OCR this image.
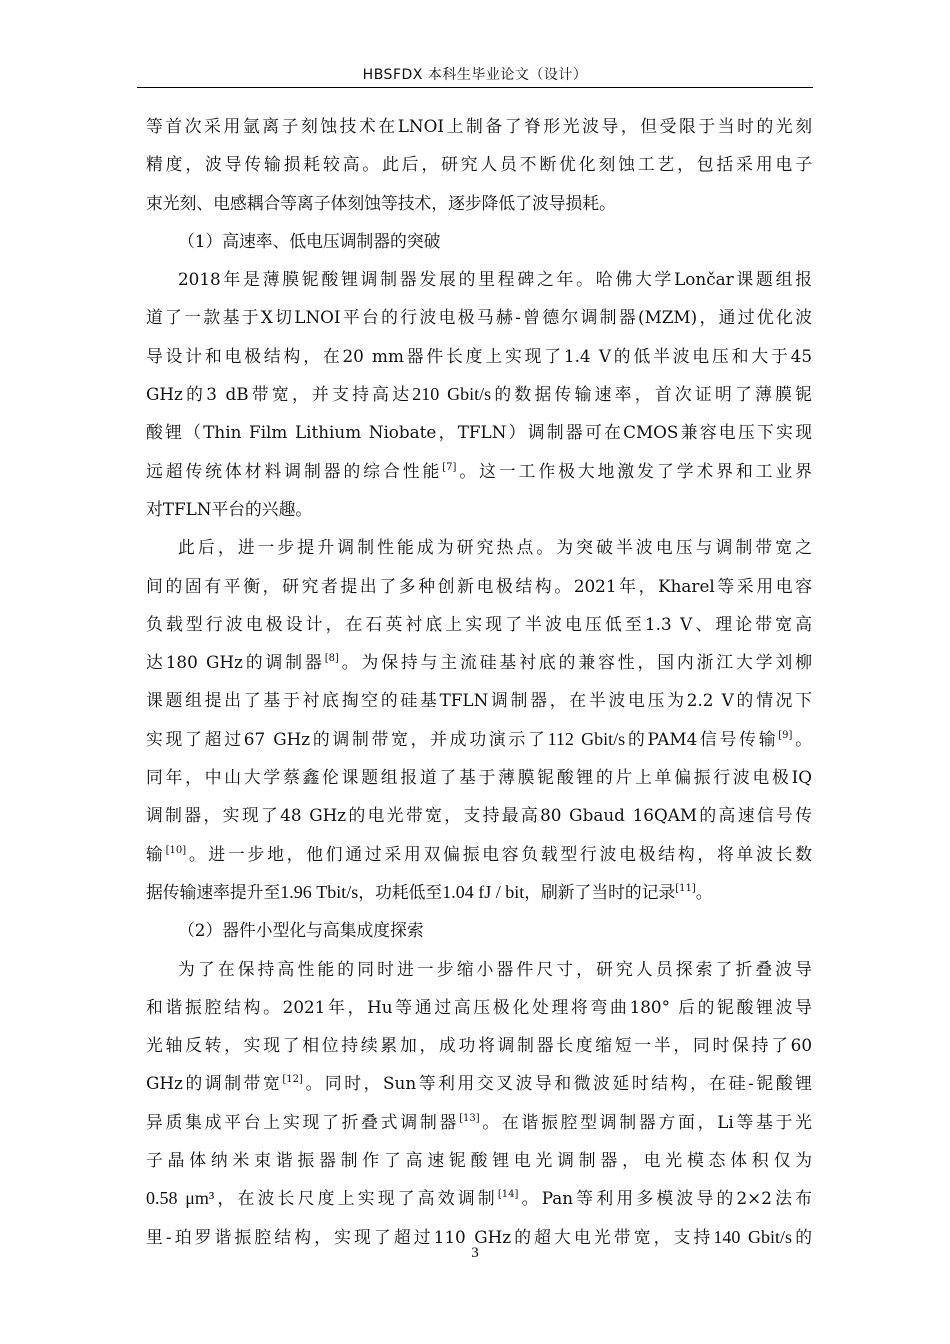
HBSFDX 本科生毕业论文（设计）
等首次采用氩离子刻蚀技术在LNOI上制备了脊形光波导，但受限于当时的光刻
精度，波导传输损耗较高。此后，研究人员不断优化刻蚀工艺，包括采用电子
束光刻、电感耦合等离子体刻蚀等技术，逐步降低了波导损耗。
（1）高速率、低电压调制器的突破
2018年是薄膜铌酸锂调制器发展的里程碑之年。哈佛大学Lončar课题组报
道了一款基于X切LNOI平台的行波电极马赫-曾德尔调制器(MZM)，通过优化波
导设计和电极结构，在20 mm器件长度上实现了1.4 V的低半波电压和大于45
GHz的3 dB带宽，并支持高达210 Gbit/s的数据传输速率，首次证明了薄膜铌
酸锂（Thin Film Lithium Niobate，TFLN）调制器可在CMOS兼容电压下实现
远超传统体材料调制器的综合性能[7]。这一工作极大地激发了学术界和工业界
对TFLN平台的兴趣。
此后，进一步提升调制性能成为研究热点。为突破半波电压与调制带宽之
间的固有平衡，研究者提出了多种创新电极结构。2021年，Kharel等采用电容
负载型行波电极设计，在石英衬底上实现了半波电压低至1.3 V、理论带宽高
达180 GHz的调制器[8]。为保持与主流硅基衬底的兼容性，国内浙江大学刘柳
课题组提出了基于衬底掏空的硅基TFLN调制器，在半波电压为2.2 V的情况下
实现了超过67 GHz的调制带宽，并成功演示了112 Gbit/s的PAM4信号传输[9]。
同年，中山大学蔡鑫伦课题组报道了基于薄膜铌酸锂的片上单偏振行波电极IQ
调制器，实现了48 GHz的电光带宽，支持最高80 Gbaud 16QAM的高速信号传
输[10]。进一步地，他们通过采用双偏振电容负载型行波电极结构，将单波长数
据传输速率提升至1.96 Tbit/s，功耗低至1.04 fJ / bit，刷新了当时的记录[11]。
（2）器件小型化与高集成度探索
为了在保持高性能的同时进一步缩小器件尺寸，研究人员探索了折叠波导
和谐振腔结构。2021年，Hu等通过高压极化处理将弯曲180° 后的铌酸锂波导
光轴反转，实现了相位持续累加，成功将调制器长度缩短一半，同时保持了60
GHz的调制带宽[12]。同时，Sun等利用交叉波导和微波延时结构，在硅-铌酸锂
异质集成平台上实现了折叠式调制器[13]。在谐振腔型调制器方面，Li等基于光
子晶体纳米束谐振器制作了高速铌酸锂电光调制器，电光模态体积仅为
0.58 μm³，在波长尺度上实现了高效调制[14]。Pan等利用多模波导的2×2法布
里-珀罗谐振腔结构，实现了超过110 GHz的超大电光带宽，支持140 Gbit/s的
3
